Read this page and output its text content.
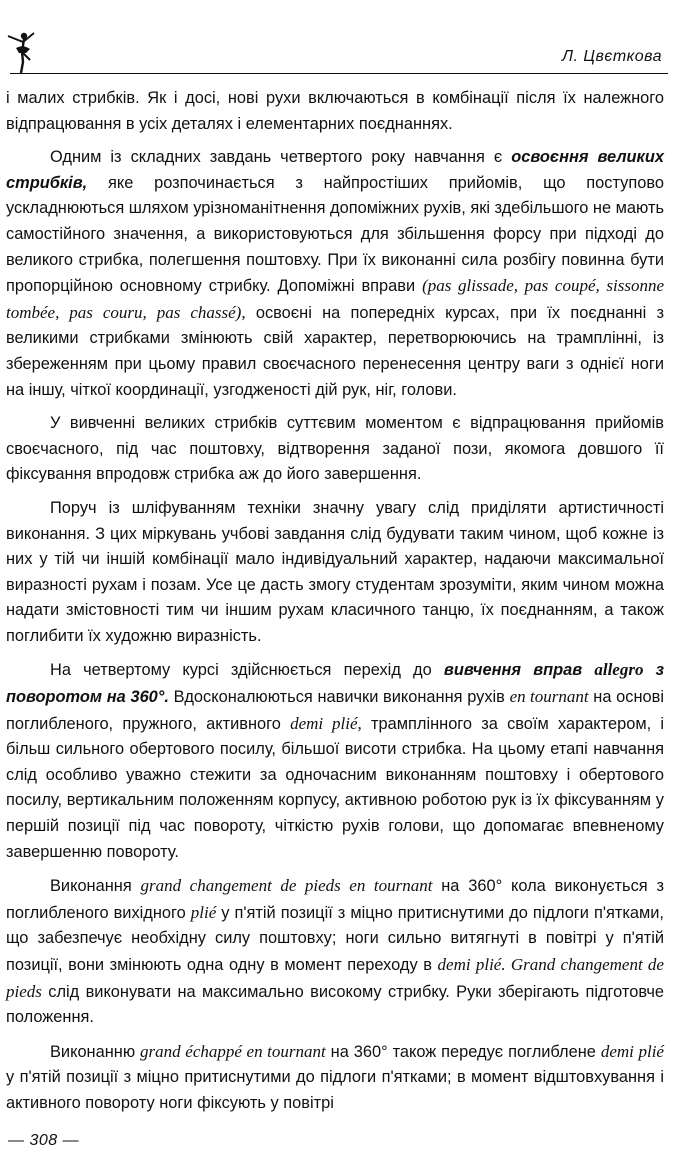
Л. Цвєткова

і малих стрибків. Як і досі, нові рухи включаються в комбінації після їх належного відпрацювання в усіх деталях і елементарних поєднаннях.

Одним із складних завдань четвертого року навчання є освоєння великих стрибків, яке розпочинається з найпростіших прийомів, що поступово ускладнюються шляхом урізноманітнення допоміжних рухів, які здебільшого не мають самостійного значення, а використовуються для збільшення форсу при підході до великого стрибка, полегшення поштовху. При їх виконанні сила розбігу повинна бути пропорційною основному стрибку. Допоміжні вправи (pas glissade, pas coupé, sissonne tombée, pas couru, pas chassé), освоєні на попередніх курсах, при їх поєднанні з великими стрибками змінюють свій характер, перетворюючись на трамплінні, із збереженням при цьому правил своєчасного перенесення центру ваги з однієї ноги на іншу, чіткої координації, узгодженості дій рук, ніг, голови.

У вивченні великих стрибків суттєвим моментом є відпрацювання прийомів своєчасного, під час поштовху, відтворення заданої пози, якомога довшого її фіксування впродовж стрибка аж до його завершення.

Поруч із шліфуванням техніки значну увагу слід приділяти артистичності виконання. З цих міркувань учбові завдання слід будувати таким чином, щоб кожне із них у тій чи іншій комбінації мало індивідуальний характер, надаючи максимальної виразності рухам і позам. Усе це дасть змогу студентам зрозуміти, яким чином можна надати змістовності тим чи іншим рухам класичного танцю, їх поєднанням, а також поглибити їх художню виразність.

На четвертому курсі здійснюється перехід до вивчення вправ allegro з поворотом на 360°. Вдосконалюються навички виконання рухів en tournant на основі поглибленого, пружного, активного demi plié, трамплінного за своїм характером, і більш сильного обертового посилу, більшої висоти стрибка. На цьому етапі навчання слід особливо уважно стежити за одночасним виконанням поштовху і обертового посилу, вертикальним положенням корпусу, активною роботою рук із їх фіксуванням у першій позиції під час повороту, чіткістю рухів голови, що допомагає впевненому завершенню повороту.

Виконання grand changement de pieds en tournant на 360° кола виконується з поглибленого вихідного plié у п'ятій позиції з міцно притиснутими до підлоги п'ятками, що забезпечує необхідну силу поштовху; ноги сильно витягнуті в повітрі у п'ятій позиції, вони змінюють одна одну в момент переходу в demi plié. Grand changement de pieds слід виконувати на максимально високому стрибку. Руки зберігають підготовче положення.

Виконанню grand échappé en tournant на 360° також передує поглиблене demi plié у п'ятій позиції з міцно притиснутими до підлоги п'ятками; в момент відштовхування і активного повороту ноги фіксують у повітрі

— 308 —
